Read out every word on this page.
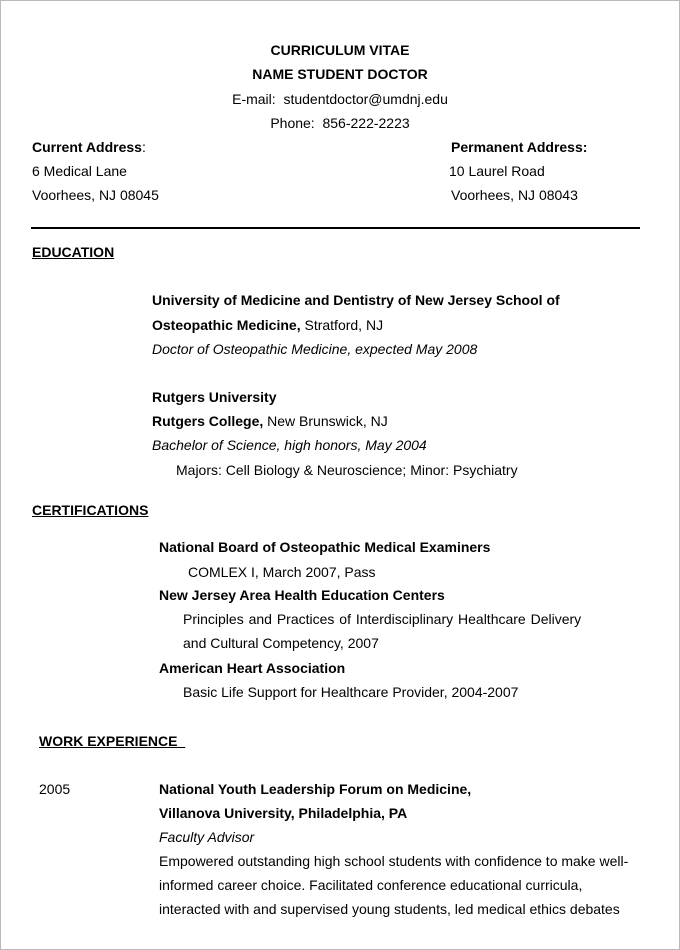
CURRICULUM VITAE
NAME STUDENT DOCTOR
E-mail: studentdoctor@umdnj.edu
Phone: 856-222-2223
Current Address:
6 Medical Lane
Voorhees, NJ 08045
Permanent Address:
10 Laurel Road
Voorhees, NJ 08043
EDUCATION
University of Medicine and Dentistry of New Jersey School of
Osteopathic Medicine, Stratford, NJ
Doctor of Osteopathic Medicine, expected May 2008
Rutgers University
Rutgers College, New Brunswick, NJ
Bachelor of Science, high honors, May 2004
Majors: Cell Biology & Neuroscience; Minor: Psychiatry
CERTIFICATIONS
National Board of Osteopathic Medical Examiners
COMLEX I, March 2007, Pass
New Jersey Area Health Education Centers
Principles and Practices of Interdisciplinary Healthcare Delivery
and Cultural Competency, 2007
American Heart Association
Basic Life Support for Healthcare Provider, 2004-2007
WORK EXPERIENCE
2005	National Youth Leadership Forum on Medicine,
Villanova University, Philadelphia, PA
Faculty Advisor
Empowered outstanding high school students with confidence to make well-
informed career choice. Facilitated conference educational curricula,
interacted with and supervised young students, led medical ethics debates
